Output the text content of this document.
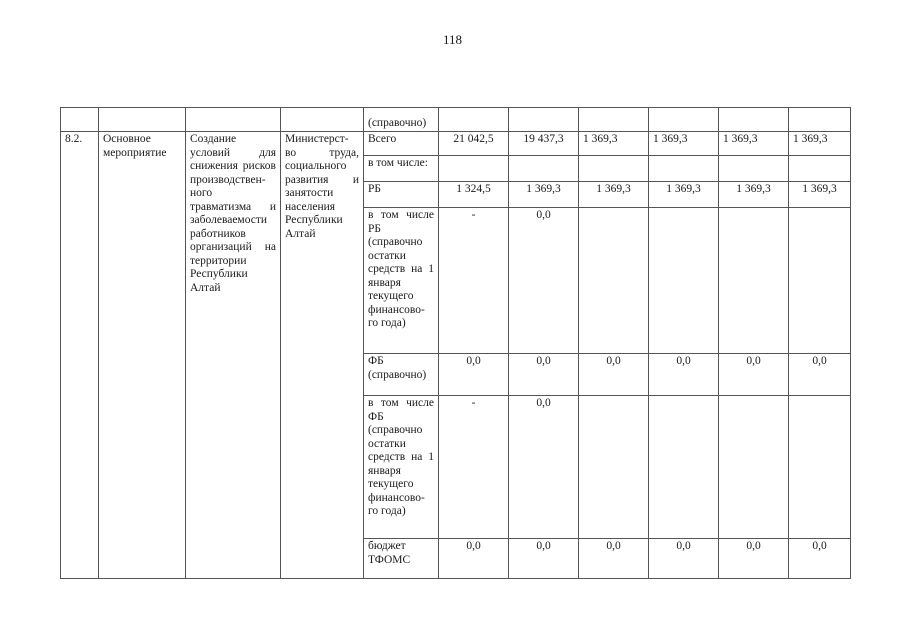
118
				(справочно)						
8.2.	Основное мероприятие	Создание условий для снижения рисков производствен-ного травматизма и заболеваемости работников организаций на территории Республики Алтай	Министерст-во труда, социального развития и занятости населения Республики Алтай	Всего	21 042,5	19 437,3	1 369,3	1 369,3	1 369,3	1 369,3
				в том числе:						
				РБ	1 324,5	1 369,3	1 369,3	1 369,3	1 369,3	1 369,3
				в том числе РБ (справочно остатки средств на 1 января текущего финансово-го года)	-	0,0				
				ФБ (справочно)	0,0	0,0	0,0	0,0	0,0	0,0
				в том числе ФБ (справочно остатки средств на 1 января текущего финансово-го года)	-	0,0				
				бюджет ТФОМС	0,0	0,0	0,0	0,0	0,0	0,0
